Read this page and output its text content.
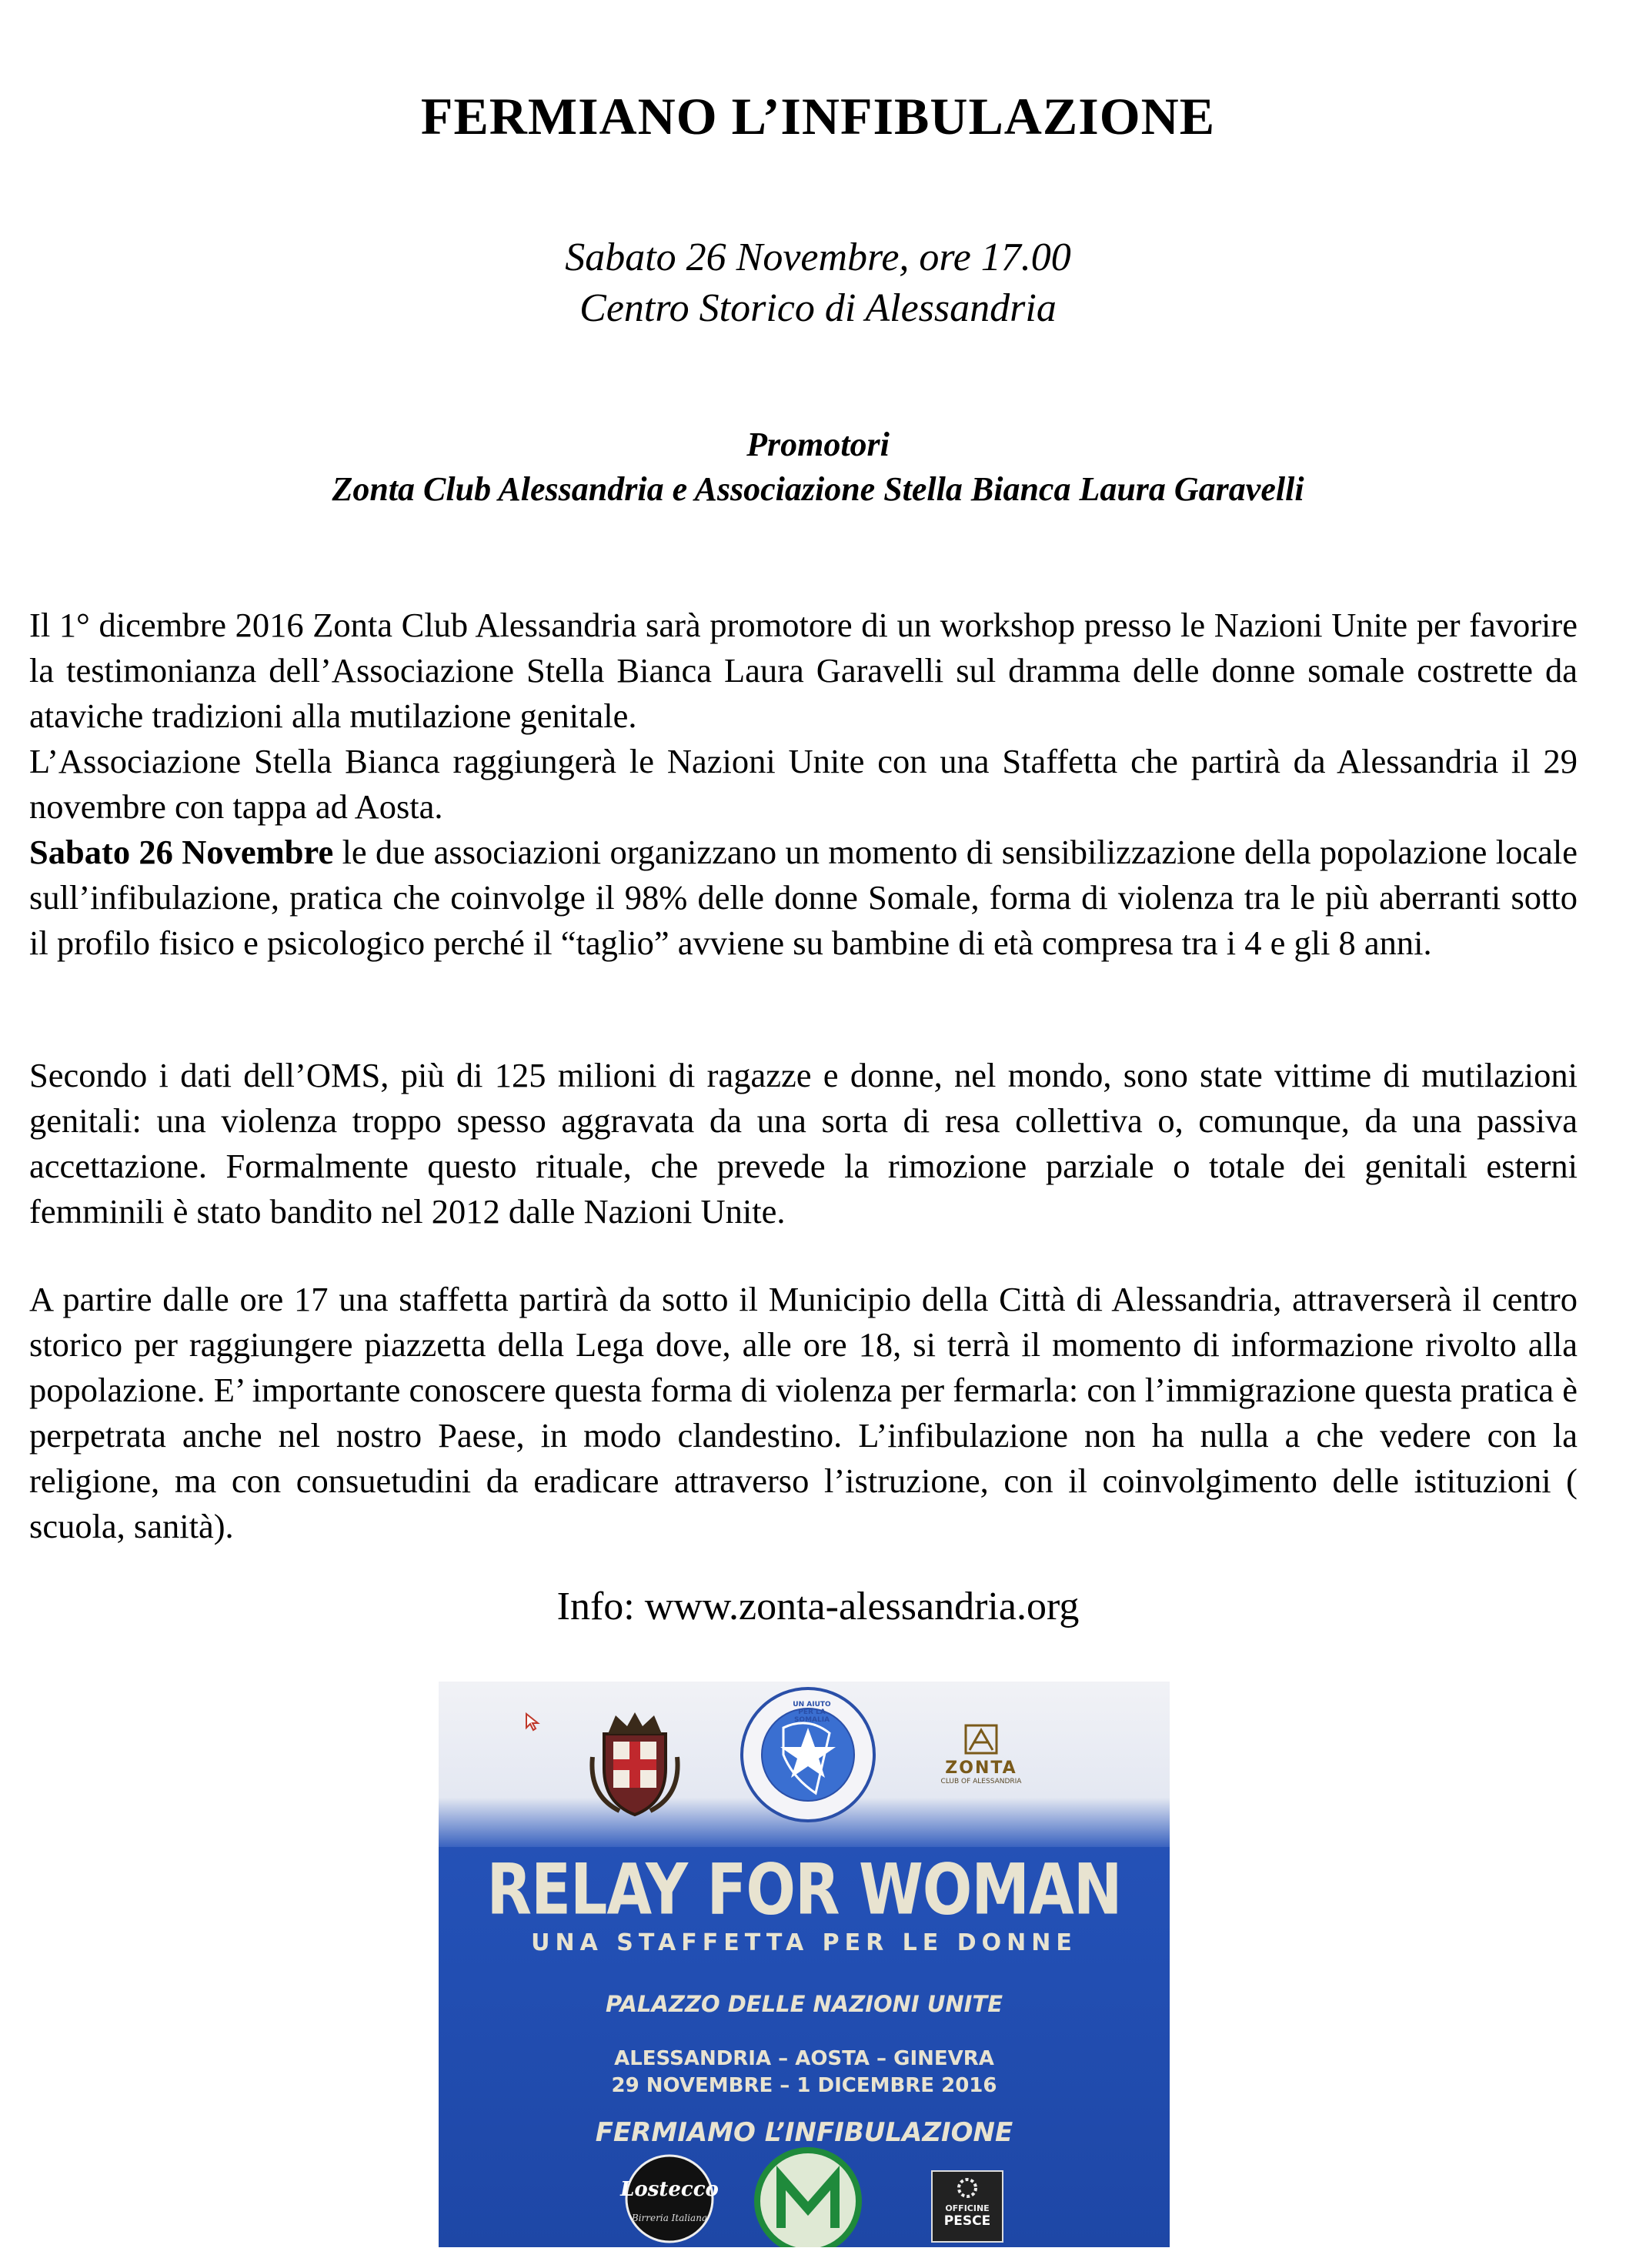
FERMIANO L’INFIBULAZIONE
Sabato 26 Novembre, ore 17.00
Centro Storico di Alessandria
Promotori
Zonta Club Alessandria e Associazione Stella Bianca Laura Garavelli

Il 1° dicembre 2016 Zonta Club Alessandria sarà promotore di un workshop presso le Nazioni Unite per favorire la testimonianza dell’Associazione Stella Bianca Laura Garavelli sul dramma delle donne somale costrette da ataviche tradizioni alla mutilazione genitale.

L’Associazione Stella Bianca raggiungerà le Nazioni Unite con una Staffetta che partirà da Alessandria il 29 novembre con tappa ad Aosta.

Sabato 26 Novembre le due associazioni organizzano un momento di sensibilizzazione della popolazione locale sull’infibulazione, pratica che coinvolge il 98% delle donne Somale, forma di violenza tra le più aberranti sotto il profilo fisico e psicologico perché il “taglio” avviene su bambine di età compresa tra i 4 e gli 8 anni.

Secondo i dati dell’OMS, più di 125 milioni di ragazze e donne, nel mondo, sono state vittime di mutilazioni genitali: una violenza troppo spesso aggravata da una sorta di resa collettiva o, comunque, da una passiva accettazione. Formalmente questo rituale, che prevede la rimozione parziale o totale dei genitali esterni femminili è stato bandito nel 2012 dalle Nazioni Unite.

A partire dalle ore 17 una staffetta partirà da sotto il Municipio della Città di Alessandria, attraverserà il centro storico per raggiungere piazzetta della Lega dove, alle ore 18, si terrà il momento di informazione rivolto alla popolazione. E’ importante conoscere questa forma di violenza per fermarla: con l’immigrazione questa pratica è perpetrata anche nel nostro Paese, in modo clandestino. L’infibulazione non ha nulla a che vedere con la religione, ma con consuetudini da eradicare attraverso l’istruzione, con il coinvolgimento delle istituzioni ( scuola, sanità).

Info: www.zonta-alessandria.org
UN AIUTO PER LA SOMALIA
ZONTA
CLUB OF ALESSANDRIA
RELAY FOR WOMAN
UNA STAFFETTA PER LE DONNE
PALAZZO DELLE NAZIONI UNITE
ALESSANDRIA – AOSTA – GINEVRA
29 NOVEMBRE – 1 DICEMBRE 2016
FERMIAMO L’INFIBULAZIONE
Lostecco
Birreria Italiana
OFFICINE
PESCE
